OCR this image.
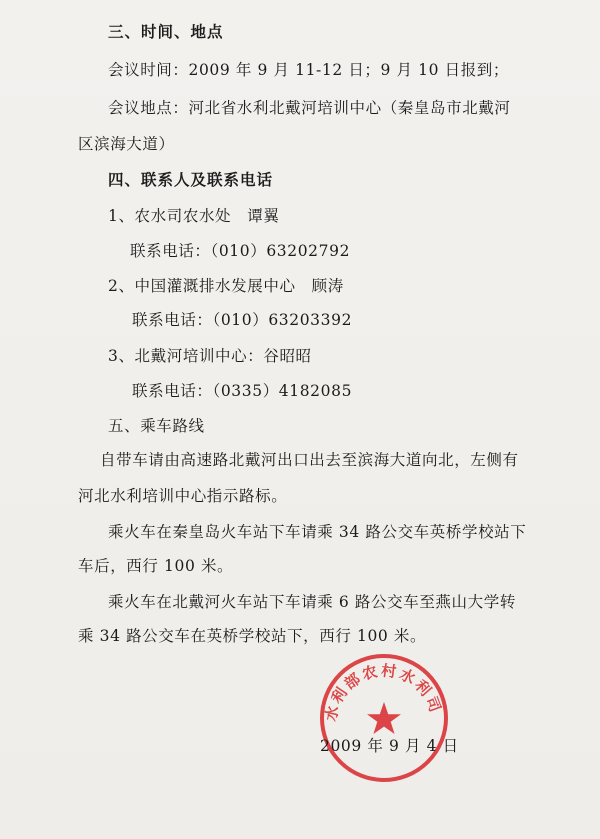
三、时间、地点
会议时间：2009 年 9 月 11-12 日；9 月 10 日报到；
会议地点：河北省水利北戴河培训中心（秦皇岛市北戴河
区滨海大道）
四、联系人及联系电话
1、农水司农水处　谭翼
联系电话：（010）63202792
2、中国灌溉排水发展中心　顾涛
联系电话：（010）63203392
3、北戴河培训中心：谷昭昭
联系电话：（0335）4182085
五、乘车路线
自带车请由高速路北戴河出口出去至滨海大道向北，左侧有
河北水利培训中心指示路标。
乘火车在秦皇岛火车站下车请乘 34 路公交车英桥学校站下
车后，西行 100 米。
乘火车在北戴河火车站下车请乘 6 路公交车至燕山大学转
乘 34 路公交车在英桥学校站下，西行 100 米。
水利部农村水利司
2009 年 9 月 4 日
